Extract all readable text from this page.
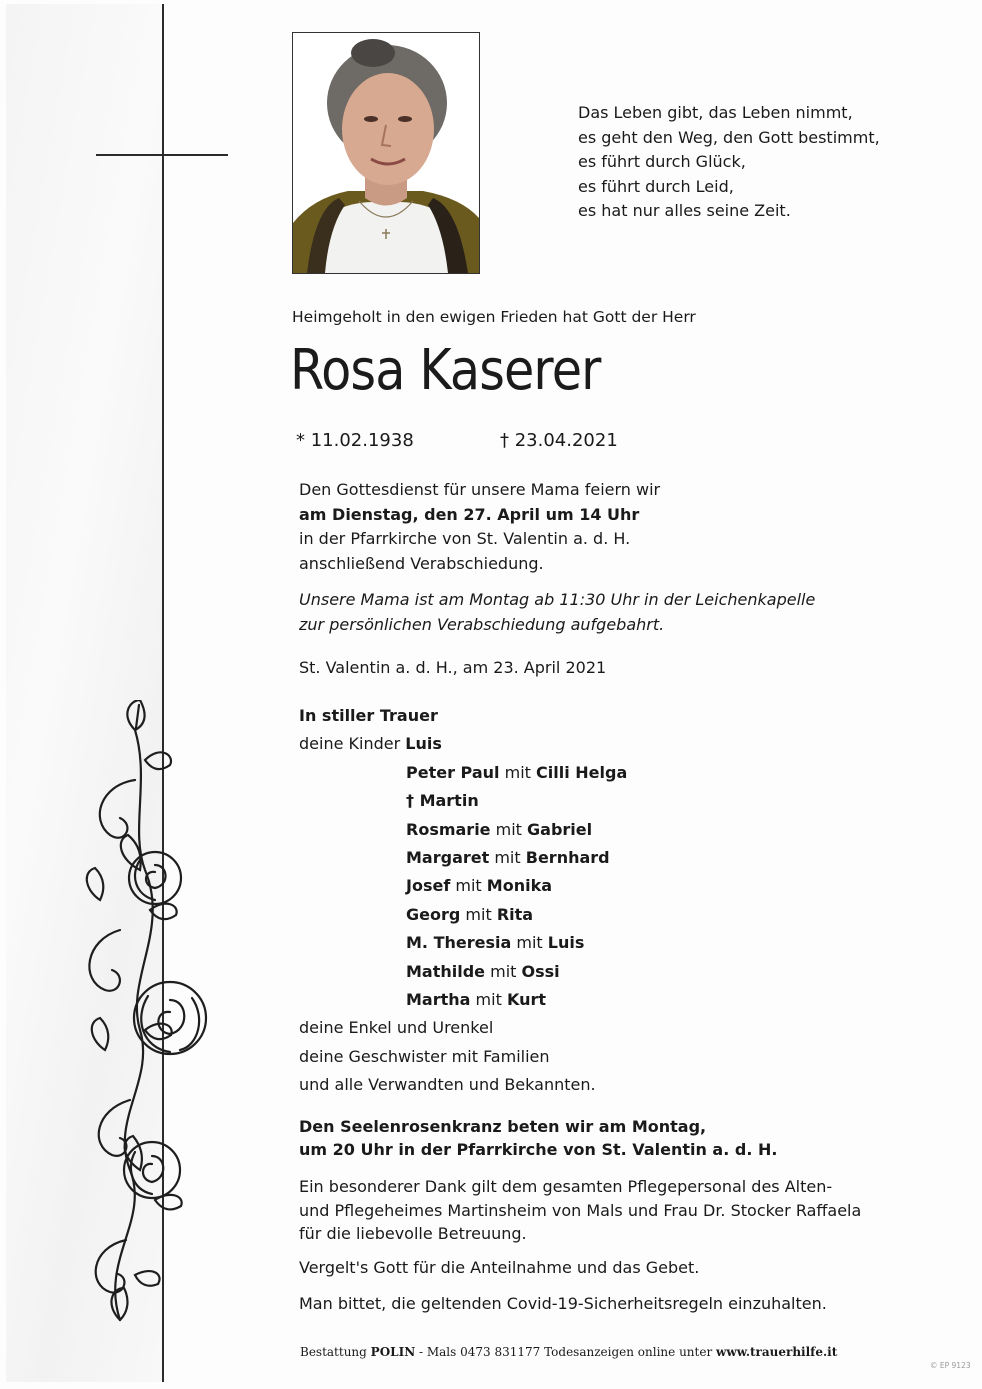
Das Leben gibt, das Leben nimmt,
es geht den Weg, den Gott bestimmt,
es führt durch Glück,
es führt durch Leid,
es hat nur alles seine Zeit.
Heimgeholt in den ewigen Frieden hat Gott der Herr
Rosa Kaserer
* 11.02.1938	† 23.04.2021
Den Gottesdienst für unsere Mama feiern wir
am Dienstag, den 27. April um 14 Uhr
in der Pfarrkirche von St. Valentin a. d. H.
anschließend Verabschiedung.
Unsere Mama ist am Montag ab 11:30 Uhr in der Leichenkapelle
zur persönlichen Verabschiedung aufgebahrt.
St. Valentin a. d. H., am 23. April 2021
In stiller Trauer
deine Kinder Luis
Peter Paul mit Cilli Helga
† Martin
Rosmarie mit Gabriel
Margaret mit Bernhard
Josef mit Monika
Georg mit Rita
M. Theresia mit Luis
Mathilde mit Ossi
Martha mit Kurt
deine Enkel und Urenkel
deine Geschwister mit Familien
und alle Verwandten und Bekannten.
Den Seelenrosenkranz beten wir am Montag,
um 20 Uhr in der Pfarrkirche von St. Valentin a. d. H.
Ein besonderer Dank gilt dem gesamten Pflegepersonal des Alten-
und Pflegeheimes Martinsheim von Mals und Frau Dr. Stocker Raffaela
für die liebevolle Betreuung.
Vergelt's Gott für die Anteilnahme und das Gebet.
Man bittet, die geltenden Covid-19-Sicherheitsregeln einzuhalten.
Bestattung POLIN - Mals 0473 831177 Todesanzeigen online unter www.trauerhilfe.it
© EP 9123
